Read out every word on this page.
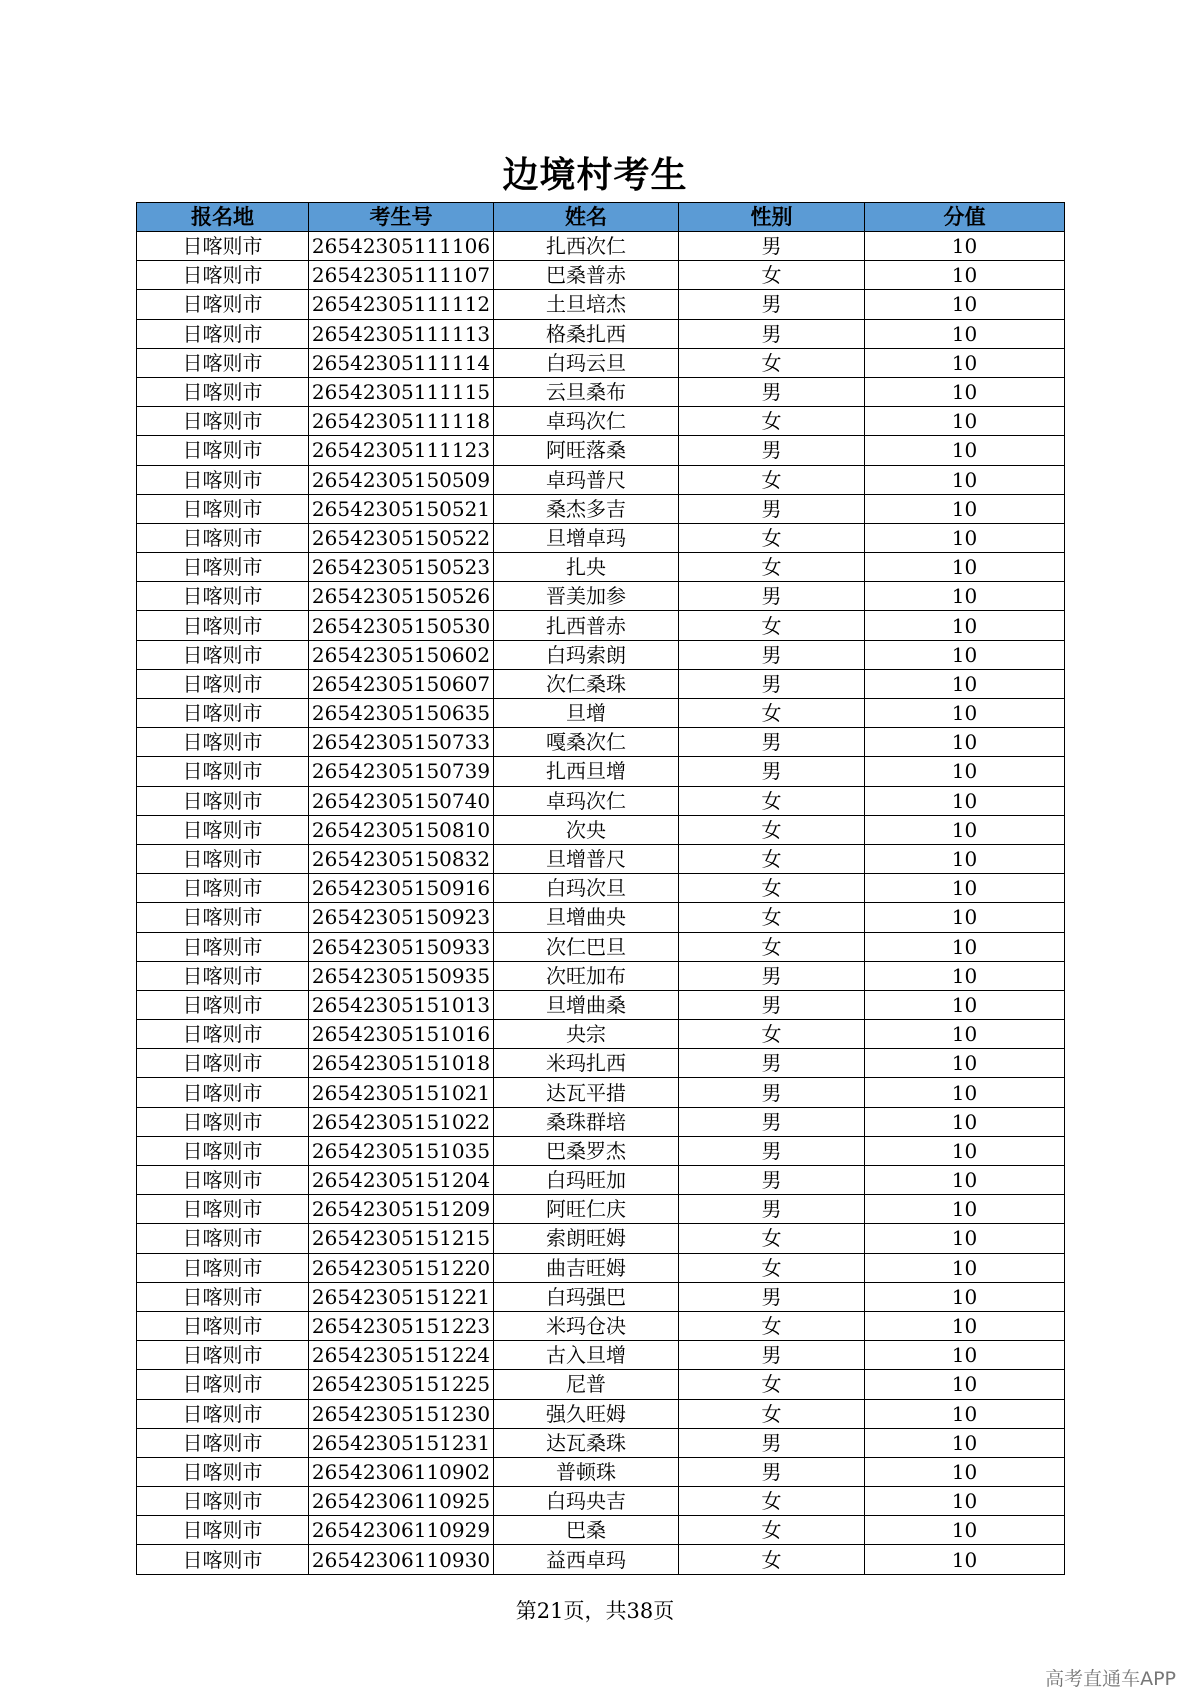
边境村考生
报名地	考生号	姓名	性别	分值
日喀则市	26542305111106	扎西次仁	男	10
日喀则市	26542305111107	巴桑普赤	女	10
日喀则市	26542305111112	土旦培杰	男	10
日喀则市	26542305111113	格桑扎西	男	10
日喀则市	26542305111114	白玛云旦	女	10
日喀则市	26542305111115	云旦桑布	男	10
日喀则市	26542305111118	卓玛次仁	女	10
日喀则市	26542305111123	阿旺落桑	男	10
日喀则市	26542305150509	卓玛普尺	女	10
日喀则市	26542305150521	桑杰多吉	男	10
日喀则市	26542305150522	旦增卓玛	女	10
日喀则市	26542305150523	扎央	女	10
日喀则市	26542305150526	晋美加参	男	10
日喀则市	26542305150530	扎西普赤	女	10
日喀则市	26542305150602	白玛索朗	男	10
日喀则市	26542305150607	次仁桑珠	男	10
日喀则市	26542305150635	旦增	女	10
日喀则市	26542305150733	嘎桑次仁	男	10
日喀则市	26542305150739	扎西旦增	男	10
日喀则市	26542305150740	卓玛次仁	女	10
日喀则市	26542305150810	次央	女	10
日喀则市	26542305150832	旦增普尺	女	10
日喀则市	26542305150916	白玛次旦	女	10
日喀则市	26542305150923	旦增曲央	女	10
日喀则市	26542305150933	次仁巴旦	女	10
日喀则市	26542305150935	次旺加布	男	10
日喀则市	26542305151013	旦增曲桑	男	10
日喀则市	26542305151016	央宗	女	10
日喀则市	26542305151018	米玛扎西	男	10
日喀则市	26542305151021	达瓦平措	男	10
日喀则市	26542305151022	桑珠群培	男	10
日喀则市	26542305151035	巴桑罗杰	男	10
日喀则市	26542305151204	白玛旺加	男	10
日喀则市	26542305151209	阿旺仁庆	男	10
日喀则市	26542305151215	索朗旺姆	女	10
日喀则市	26542305151220	曲吉旺姆	女	10
日喀则市	26542305151221	白玛强巴	男	10
日喀则市	26542305151223	米玛仓决	女	10
日喀则市	26542305151224	古入旦增	男	10
日喀则市	26542305151225	尼普	女	10
日喀则市	26542305151230	强久旺姆	女	10
日喀则市	26542305151231	达瓦桑珠	男	10
日喀则市	26542306110902	普顿珠	男	10
日喀则市	26542306110925	白玛央吉	女	10
日喀则市	26542306110929	巴桑	女	10
日喀则市	26542306110930	益西卓玛	女	10
第21页，共38页
高考直通车APP
